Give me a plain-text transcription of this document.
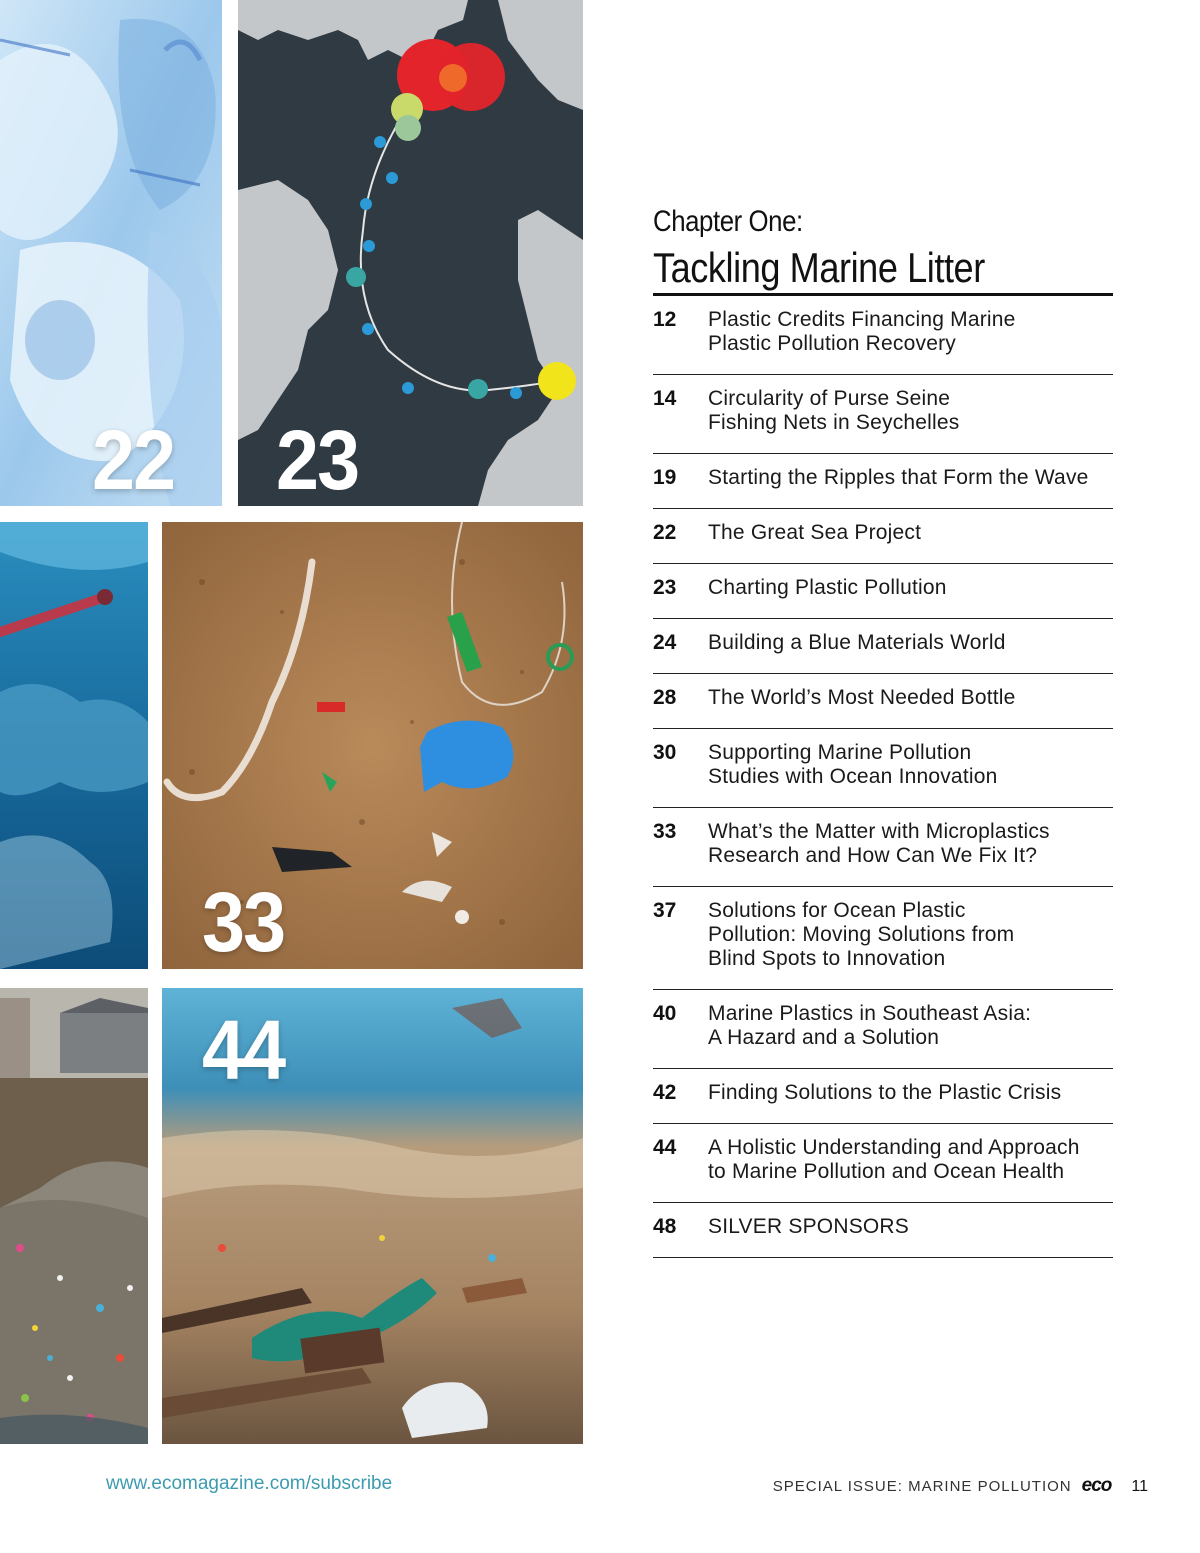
22 23
33
44
Chapter One:
Tackling Marine Litter
12	Plastic Credits Financing Marine
Plastic Pollution Recovery
14	Circularity of Purse Seine
Fishing Nets in Seychelles
19	Starting the Ripples that Form the Wave
22	The Great Sea Project
23	Charting Plastic Pollution
24	Building a Blue Materials World
28	The World’s Most Needed Bottle
30	Supporting Marine Pollution
Studies with Ocean Innovation
33	What’s the Matter with Microplastics
Research and How Can We Fix It?
37	Solutions for Ocean Plastic
Pollution: Moving Solutions from
Blind Spots to Innovation
40	Marine Plastics in Southeast Asia:
A Hazard and a Solution
42	Finding Solutions to the Plastic Crisis
44	A Holistic Understanding and Approach
to Marine Pollution and Ocean Health
48	SILVER SPONSORS
www.ecomagazine.com/subscribe	SPECIAL ISSUE: MARINE POLLUTION eco 11
